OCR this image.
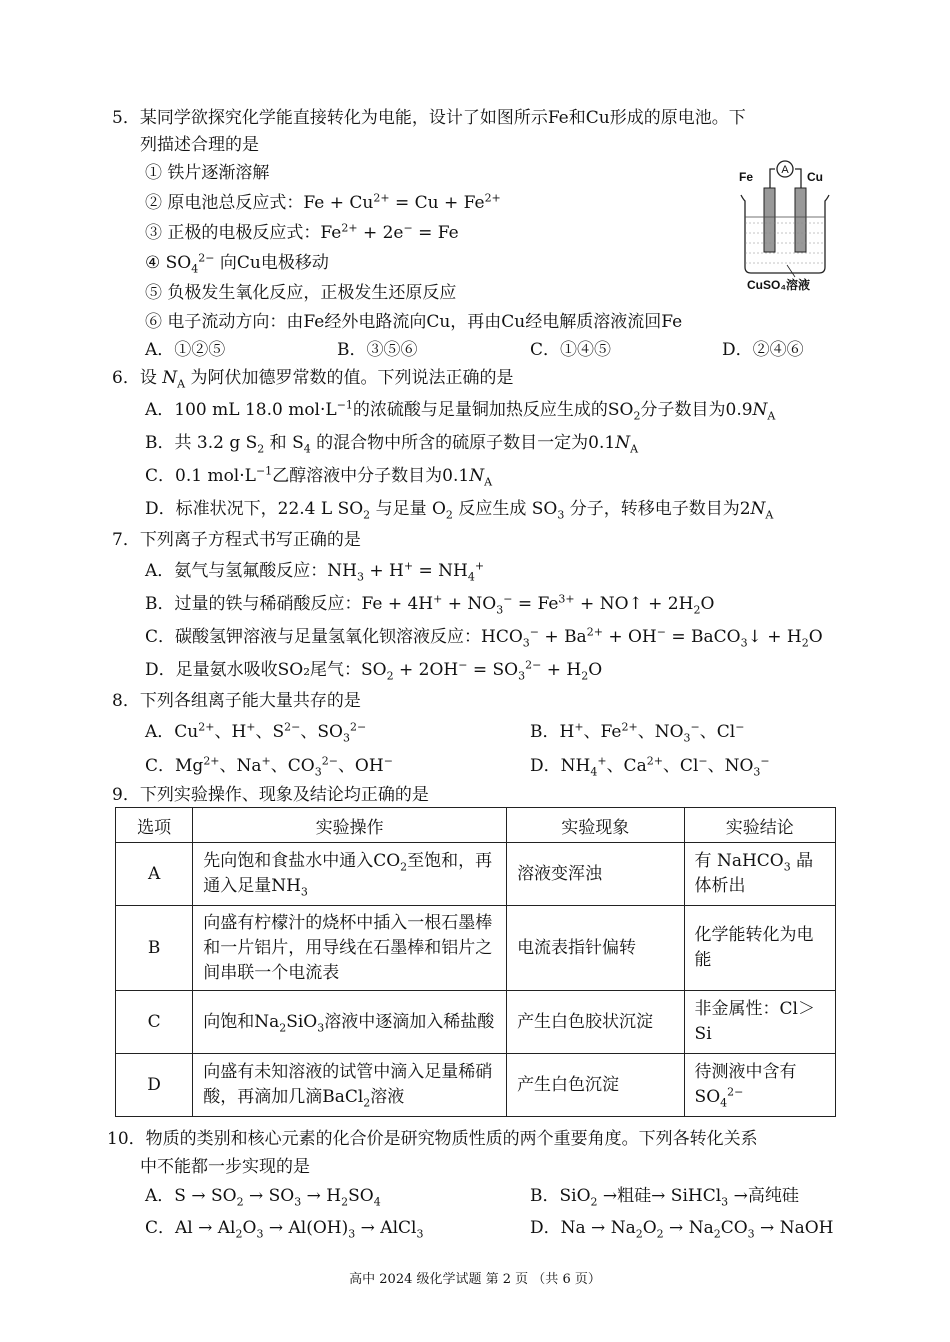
5．某同学欲探究化学能直接转化为电能，设计了如图所示Fe和Cu形成的原电池。下
列描述合理的是
① 铁片逐渐溶解
② 原电池总反应式：$Fe + Cu^{2+} = Cu + Fe^{2+}$
③ 正极的电极反应式：$Fe^{2+} + 2e^- = Fe$
④ $SO_4^{2-}$ 向Cu电极移动
⑤ 负极发生氧化反应，正极发生还原反应
⑥ 电子流动方向：由Fe经外电路流向Cu，再由Cu经电解质溶液流回Fe
A．①②⑤	B．③⑤⑥	C．①④⑤	D．②④⑥
A
Fe	Cu
CuSO₄溶液
6．设 $N_A$ 为阿伏加德罗常数的值。下列说法正确的是
A．100 mL 18.0 $mol\cdot L^{-1}$的浓硫酸与足量铜加热反应生成的$SO_2$分子数目为$0.9N_A$
B．共 3.2 g $S_2$ 和 $S_4$ 的混合物中所含的硫原子数目一定为$0.1N_A$
C．0.1 $mol\cdot L^{-1}$乙醇溶液中分子数目为$0.1N_A$
D．标准状况下，22.4 L $SO_2$ 与足量 $O_2$ 反应生成 $SO_3$ 分子，转移电子数目为$2N_A$
7．下列离子方程式书写正确的是
A．氨气与氢氟酸反应：$NH_3 + H^+ = NH_4^+$
B．过量的铁与稀硝酸反应：$Fe + 4H^+ + NO_3^- = Fe^{3+}$ + NO↑ + $2H_2O$
C．碳酸氢钾溶液与足量氢氧化钡溶液反应：$HCO_3^- + Ba^{2+} + OH^-$ = BaCO$_3$↓ + $H_2O$
D．足量氨水吸收SO₂尾气：$SO_2 + 2OH^- = SO_3^{2-} + H_2O$
8．下列各组离子能大量共存的是
A．$Cu^{2+}$、H+、$S^{2-}$、$SO_3^{2-}$	B．H+、$Fe^{2+}$、$NO_3^-$、Cl−
C．$Mg^{2+}$、Na+、$CO_3^{2-}$、OH−	D．$NH_4^+$、$Ca^{2+}$、Cl−、$NO_3^-$
9．下列实验操作、现象及结论均正确的是
选项	实验操作	实验现象	实验结论
A	先向饱和食盐水中通入$CO_2$至饱和，再通入足量$NH_3$	溶液变浑浊	有 NaHCO$_3$ 晶体析出
B	向盛有柠檬汁的烧杯中插入一根石墨棒和一片铝片，用导线在石墨棒和铝片之间串联一个电流表	电流表指针偏转	化学能转化为电能
C	向饱和$Na_2SiO_3$溶液中逐滴加入稀盐酸	产生白色胶状沉淀	非金属性：Cl＞Si
D	向盛有未知溶液的试管中滴入足量稀硝酸，再滴加几滴BaCl$_2$溶液	产生白色沉淀	待测液中含有$SO_4^{2-}$
10．物质的类别和核心元素的化合价是研究物质性质的两个重要角度。下列各转化关系
中不能都一步实现的是
A．$S \to SO_2 \to SO_3 \to H_2SO_4$	B．SiO$_2$ →粗硅→ SiHCl$_3$ →高纯硅
C．$Al \to Al_2O_3 \to Al(OH)_3$ → AlCl$_3$	D．$Na \to Na_2O_2 \to Na_2CO_3$ → NaOH
高中 2024 级化学试题 第 2 页 （共 6 页）
